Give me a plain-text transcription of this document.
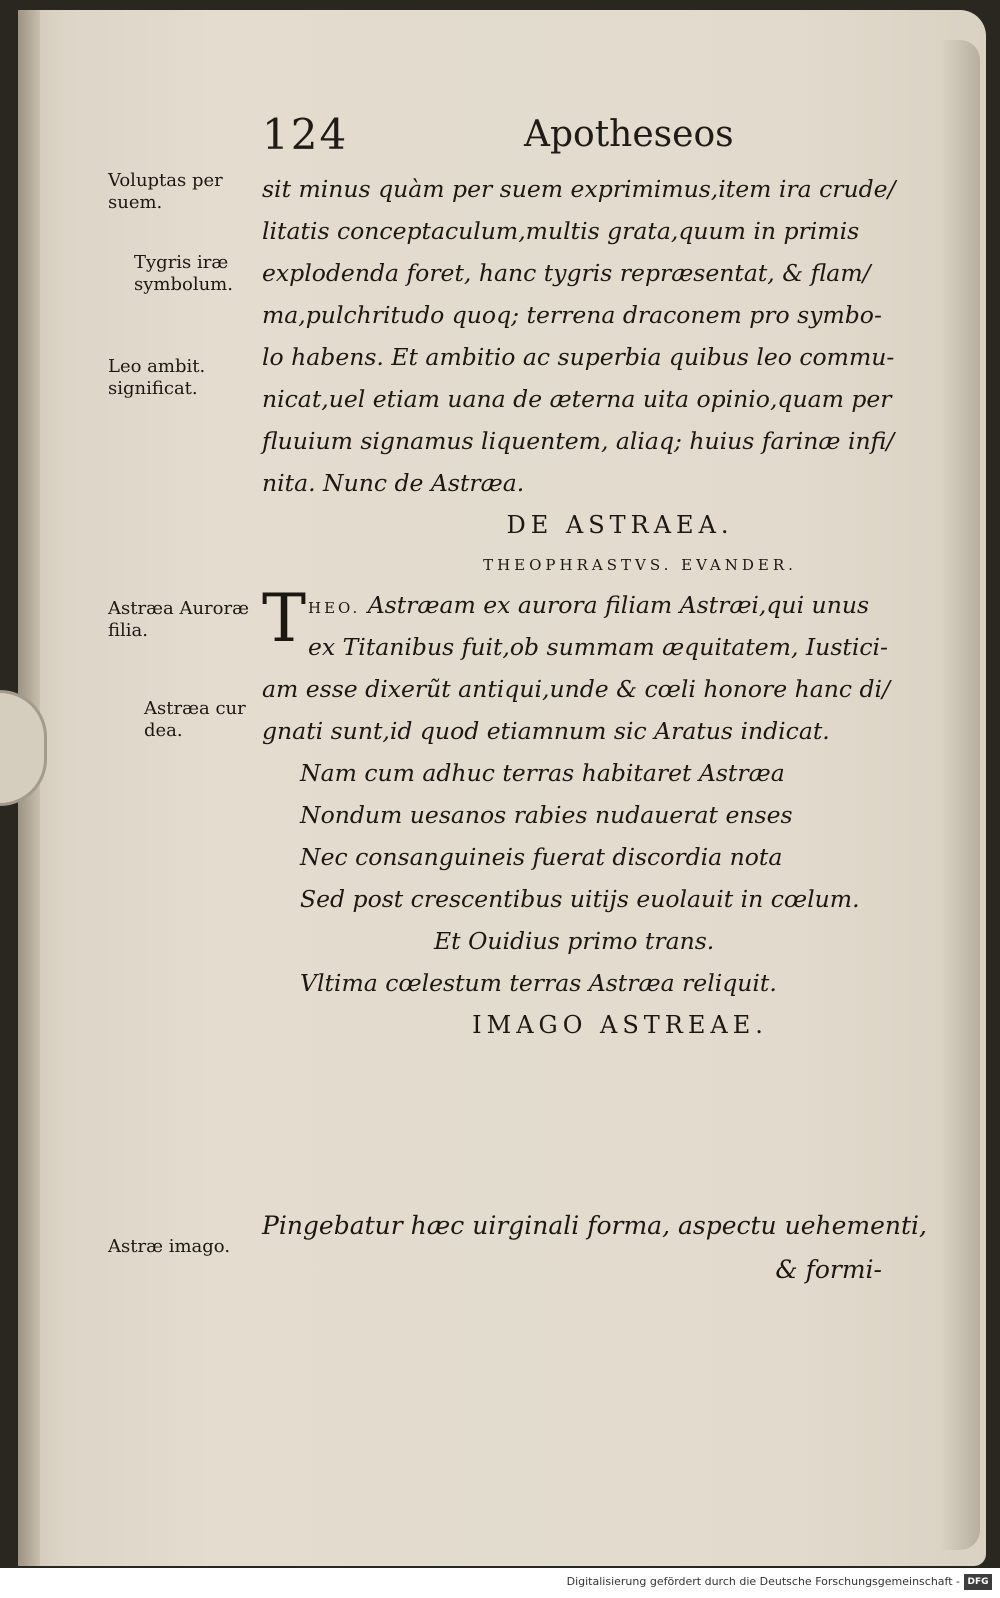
124	Apotheseos
Voluptas per suem.
Tygris iræ symbolum.
Leo ambit. significat.
Astræa Auroræ filia.
Astræa cur dea.
Astræ imago.
sit minus quàm per suem exprimimus,item ira crude/
litatis conceptaculum,multis grata,quum in primis
explodenda foret, hanc tygris repræsentat, & flam/
ma,pulchritudo quoq; terrena draconem pro symbo-
lo habens. Et ambitio ac superbia quibus leo commu-
nicat,uel etiam uana de æterna uita opinio,quam per
fluuium signamus liquentem, aliaq; huius farinæ infi/
nita. Nunc de Astræa.
DE ASTRAEA.
THEOPHRASTVS. EVANDER.
T HEO. Astræam ex aurora filiam Astræi,qui unus
ex Titanibus fuit,ob summam æquitatem, Iustici-
am esse dixerũt antiqui,unde & cœli honore hanc di/
gnati sunt,id quod etiamnum sic Aratus indicat.
Nam cum adhuc terras habitaret Astræa
Nondum uesanos rabies nudauerat enses
Nec consanguineis fuerat discordia nota
Sed post crescentibus uitijs euolauit in cœlum.
Et Ouidius primo trans.
Vltima cœlestum terras Astræa reliquit.
IMAGO ASTREAE.
Pingebatur hæc uirginali forma, aspectu uehementi,
& formi-
Digitalisierung gefördert durch die Deutsche Forschungsgemeinschaft - DFG
